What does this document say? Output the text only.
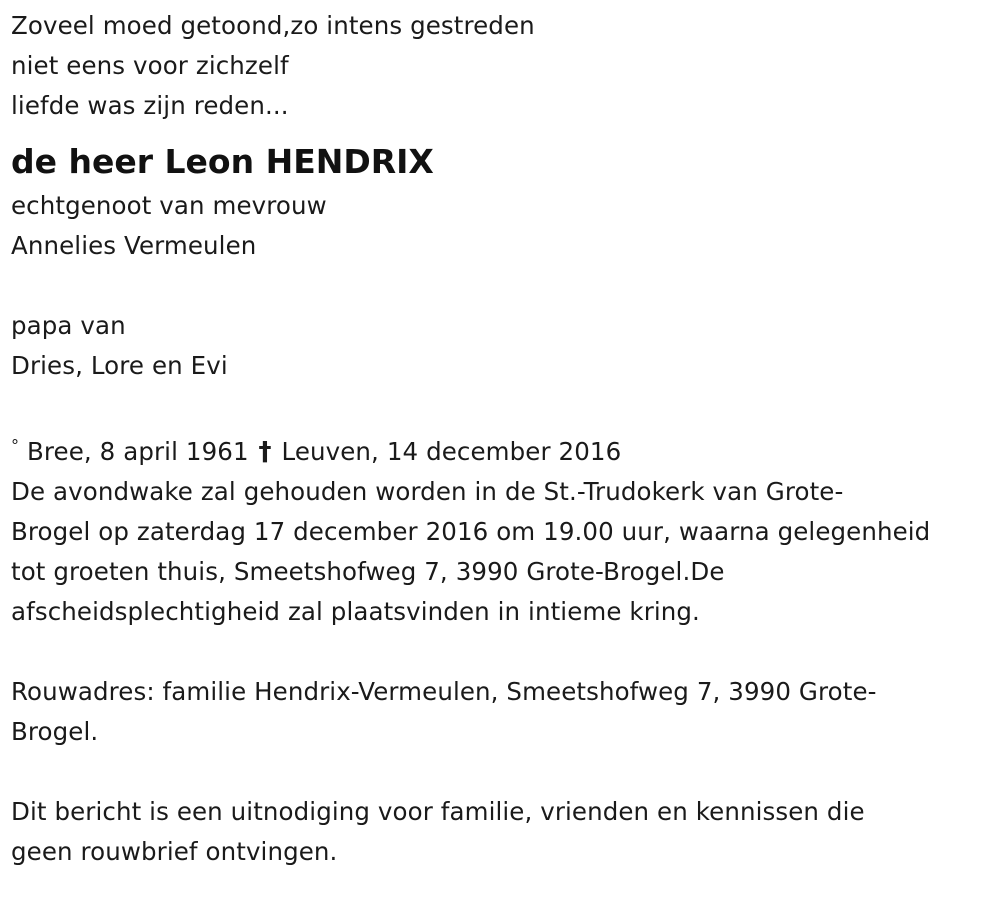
Zoveel moed getoond,zo intens gestreden
niet eens voor zichzelf
liefde was zijn reden...
de heer Leon HENDRIX
echtgenoot van mevrouw
Annelies Vermeulen
papa van
Dries, Lore en Evi
° Bree, 8 april 1961 † Leuven, 14 december 2016
De avondwake zal gehouden worden in de St.-Trudokerk van Grote-
Brogel op zaterdag 17 december 2016 om 19.00 uur, waarna gelegenheid
tot groeten thuis, Smeetshofweg 7, 3990 Grote-Brogel.De
afscheidsplechtigheid zal plaatsvinden in intieme kring.
Rouwadres: familie Hendrix-Vermeulen, Smeetshofweg 7, 3990 Grote-
Brogel.
Dit bericht is een uitnodiging voor familie, vrienden en kennissen die
geen rouwbrief ontvingen.
